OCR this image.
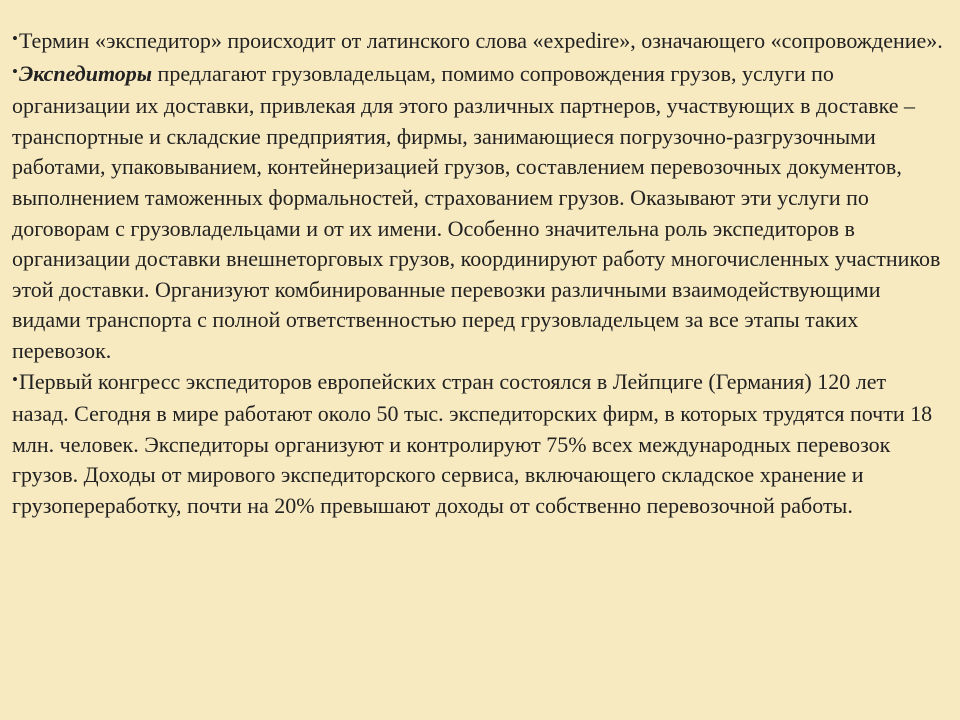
•Термин «экспедитор» происходит от латинского слова «expedire», означающего «сопровождение».

•Экспедиторы предлагают грузовладельцам, помимо сопровождения грузов, услуги по организации их доставки, привлекая для этого различных партнеров, участвующих в доставке – транспортные и складские предприятия, фирмы, занимающиеся погрузочно-разгрузочными работами, упаковыванием, контейнеризацией грузов, составлением перевозочных документов, выполнением таможенных формальностей, страхованием грузов. Оказывают эти услуги по договорам с грузовладельцами и от их имени. Особенно значительна роль экспедиторов в организации доставки внешнеторговых грузов, координируют работу многочисленных участников этой доставки. Организуют комбинированные перевозки различными взаимодействующими видами транспорта с полной ответственностью перед грузовладельцем за все этапы таких перевозок.

•Первый конгресс экспедиторов европейских стран состоялся в Лейпциге (Германия) 120 лет назад. Сегодня в мире работают около 50 тыс. экспедиторских фирм, в которых трудятся почти 18 млн. человек. Экспедиторы организуют и контролируют 75% всех международных перевозок грузов. Доходы от мирового экспедиторского сервиса, включающего складское хранение и грузопереработку, почти на 20% превышают доходы от собственно перевозочной работы.
